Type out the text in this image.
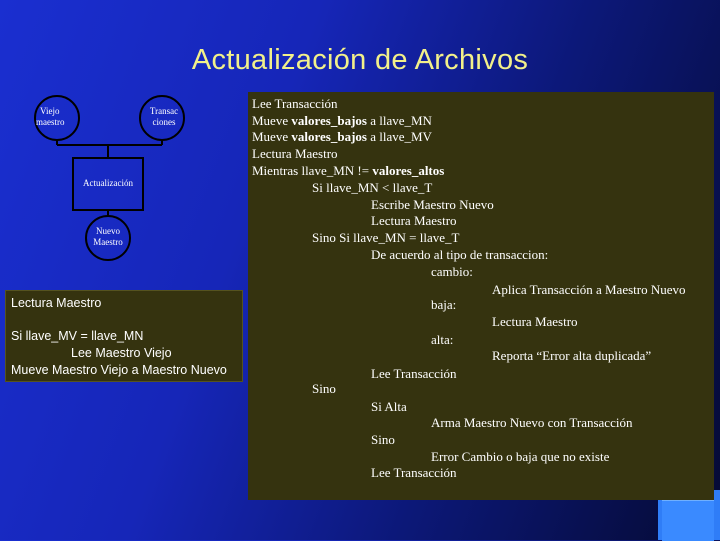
Actualización de Archivos
Viejo
maestro
Transac
ciones
Actualización
Nuevo
Maestro
Lectura Maestro
Si llave_MV = llave_MN
Lee Maestro Viejo
Mueve Maestro Viejo a Maestro Nuevo
Lee Transacción
Mueve valores_bajos a llave_MN
Mueve valores_bajos a llave_MV
Lectura Maestro
Mientras llave_MN != valores_altos
Si llave_MN < llave_T
Escribe Maestro Nuevo
Lectura Maestro
Sino Si llave_MN = llave_T
De acuerdo al tipo de transaccion:
cambio:
Aplica Transacción a Maestro Nuevo
baja:
Lectura Maestro
alta:
Reporta “Error alta duplicada”
Lee Transacción
Sino
Si Alta
Arma Maestro Nuevo con Transacción
Sino
Error Cambio o baja que no existe
Lee Transacción
